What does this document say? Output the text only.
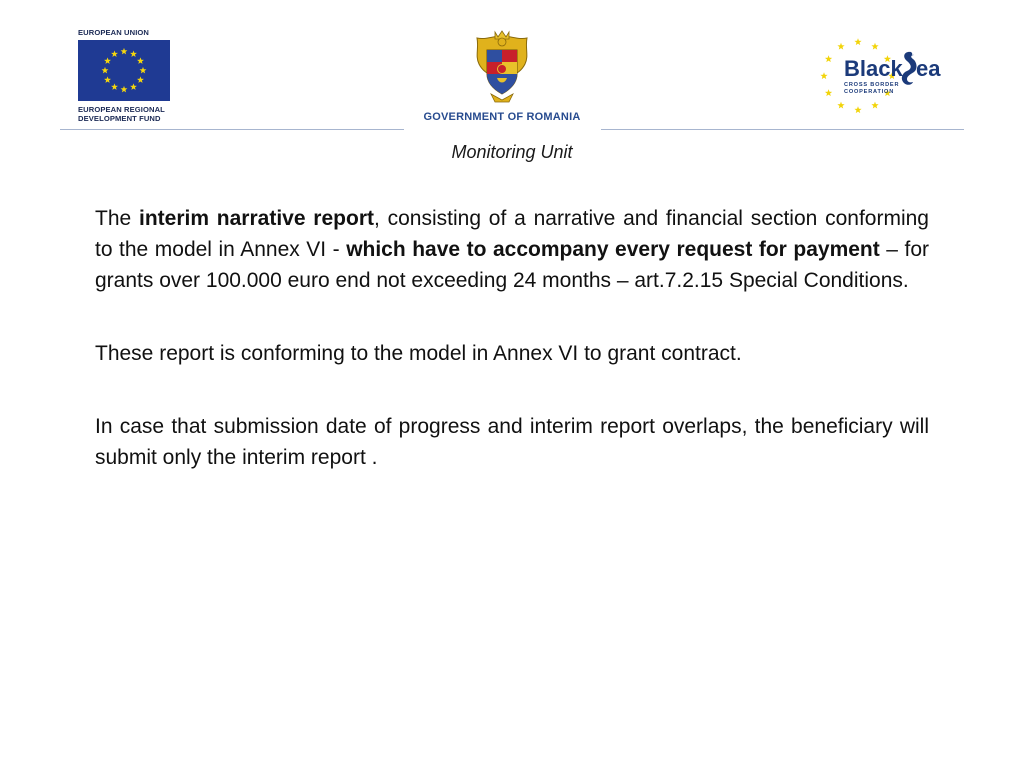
EUROPEAN UNION
EUROPEAN REGIONAL
DEVELOPMENT FUND	GOVERNMENT OF ROMANIA
Black ea
CROSS BORDER
COOPERATION
Monitoring Unit

The interim narrative report, consisting of a narrative and financial section conforming to the model in Annex VI - which have to accompany every request for payment – for grants over 100.000 euro end not exceeding 24 months – art.7.2.15 Special Conditions.

These report is conforming to the model in Annex VI to grant contract.

In case that submission date of progress and interim report overlaps, the beneficiary will submit only the interim report .
